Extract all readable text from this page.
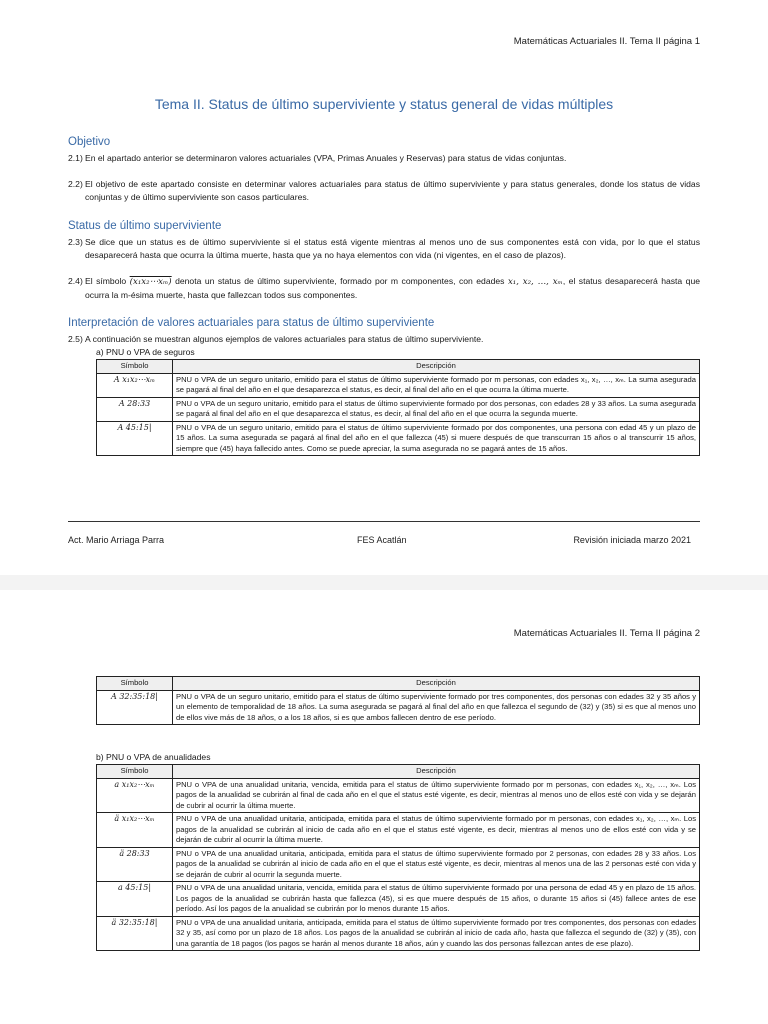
Matemáticas Actuariales II. Tema II página 1
Tema II. Status de último superviviente y status general de vidas múltiples
Objetivo
2.1) En el apartado anterior se determinaron valores actuariales (VPA, Primas Anuales y Reservas) para status de vidas conjuntas.
2.2) El objetivo de este apartado consiste en determinar valores actuariales para status de último superviviente y para status generales, donde los status de vidas conjuntas y de último superviviente son casos particulares.
Status de último superviviente
2.3) Se dice que un status es de último superviviente si el status está vigente mientras al menos uno de sus componentes está con vida, por lo que el status desaparecerá hasta que ocurra la última muerte, hasta que ya no haya elementos con vida (ni vigentes, en el caso de plazos).
2.4) El símbolo (x₁x₂⋯xₘ) denota un status de último superviviente, formado por m componentes, con edades x₁, x₂, …, xₘ, el status desaparecerá hasta que ocurra la m-ésima muerte, hasta que fallezcan todos sus componentes.
Interpretación de valores actuariales para status de último superviviente
2.5) A continuación se muestran algunos ejemplos de valores actuariales para status de último superviviente.
a) PNU o VPA de seguros
Símbolo	Descripción
A x₁x₂⋯xₘ	PNU o VPA de un seguro unitario, emitido para el status de último superviviente formado por m personas, con edades x₁, x₂, …, xₘ. La suma asegurada se pagará al final del año en el que desaparezca el status, es decir, al final del año en el que ocurra la última muerte.
A 28:33	PNU o VPA de un seguro unitario, emitido para el status de último superviviente formado por dos personas, con edades 28 y 33 años. La suma asegurada se pagará al final del año en el que desaparezca el status, es decir, al final del año en el que ocurra la segunda muerte.
A 45:15|	PNU o VPA de un seguro unitario, emitido para el status de último superviviente formado por dos componentes, una persona con edad 45 y un plazo de 15 años. La suma asegurada se pagará al final del año en el que fallezca (45) si muere después de que transcurran 15 años o al transcurrir 15 años, siempre que (45) haya fallecido antes. Como se puede apreciar, la suma asegurada no se pagará antes de 15 años.
Act. Mario Arriaga Parra	FES Acatlán	Revisión iniciada marzo 2021
Matemáticas Actuariales II. Tema II página 2
Símbolo	Descripción
A 32:35:18|	PNU o VPA de un seguro unitario, emitido para el status de último superviviente formado por tres componentes, dos personas con edades 32 y 35 años y un elemento de temporalidad de 18 años. La suma asegurada se pagará al final del año en que fallezca el segundo de (32) y (35) si es que al menos uno de ellos vive más de 18 años, o a los 18 años, si es que ambos fallecen dentro de ese período.
b) PNU o VPA de anualidades
Símbolo	Descripción
a x₁x₂⋯xₘ	PNU o VPA de una anualidad unitaria, vencida, emitida para el status de último superviviente formado por m personas, con edades x₁, x₂, …, xₘ. Los pagos de la anualidad se cubrirán al final de cada año en el que el status esté vigente, es decir, mientras al menos uno de ellos esté con vida y se dejarán de cubrir al ocurrir la última muerte.
ä x₁x₂⋯xₘ	PNU o VPA de una anualidad unitaria, anticipada, emitida para el status de último superviviente formado por m personas, con edades x₁, x₂, …, xₘ. Los pagos de la anualidad se cubrirán al inicio de cada año en el que el status esté vigente, es decir, mientras al menos uno de ellos esté con vida y se dejarán de cubrir al ocurrir la última muerte.
ä 28:33	PNU o VPA de una anualidad unitaria, anticipada, emitida para el status de último superviviente formado por 2 personas, con edades 28 y 33 años. Los pagos de la anualidad se cubrirán al inicio de cada año en el que el status esté vigente, es decir, mientras al menos una de las 2 personas esté con vida y se dejarán de cubrir al ocurrir la segunda muerte.
a 45:15|	PNU o VPA de una anualidad unitaria, vencida, emitida para el status de último superviviente formado por una persona de edad 45 y en plazo de 15 años. Los pagos de la anualidad se cubrirán hasta que fallezca (45), si es que muere después de 15 años, o durante 15 años si (45) fallece antes de ese período. Así los pagos de la anualidad se cubrirán por lo menos durante 15 años.
ä 32:35:18|	PNU o VPA de una anualidad unitaria, anticipada, emitida para el status de último superviviente formado por tres componentes, dos personas con edades 32 y 35, así como por un plazo de 18 años. Los pagos de la anualidad se cubrirán al inicio de cada año, hasta que fallezca el segundo de (32) y (35), con una garantía de 18 pagos (los pagos se harán al menos durante 18 años, aún y cuando las dos personas fallezcan antes de ese plazo).
